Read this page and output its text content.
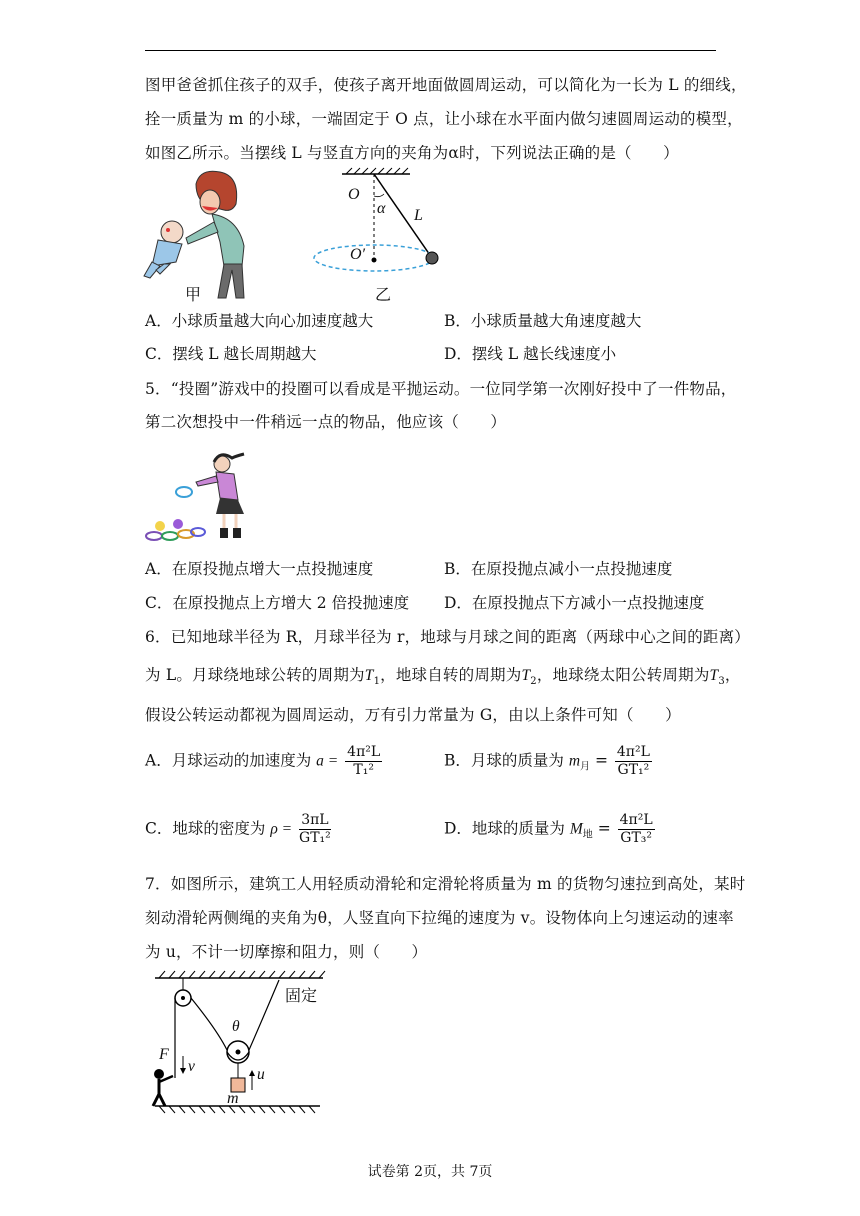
图甲爸爸抓住孩子的双手，使孩子离开地面做圆周运动，可以简化为一长为 L 的细线，
拴一质量为 m 的小球，一端固定于 O 点，让小球在水平面内做匀速圆周运动的模型，
如图乙所示。当摆线 L 与竖直方向的夹角为α时，下列说法正确的是（　　）
甲
O
α L
O′
乙
A．小球质量越大向心加速度越大	B．小球质量越大角速度越大
C．摆线 L 越长周期越大	D．摆线 L 越长线速度小
5．“投圈”游戏中的投圈可以看成是平抛运动。一位同学第一次刚好投中了一件物品，
第二次想投中一件稍远一点的物品，他应该（　　）
A．在原投抛点增大一点投抛速度	B．在原投抛点减小一点投抛速度
C．在原投抛点上方增大 2 倍投抛速度 D．在原投抛点下方减小一点投抛速度
6．已知地球半径为 R，月球半径为 r，地球与月球之间的距离（两球中心之间的距离）
为 L。月球绕地球公转的周期为$T_1$，地球自转的周期为$T_2$，地球绕太阳公转周期为$T_3$，
假设公转运动都视为圆周运动，万有引力常量为 G，由以上条件可知（　　）
A．月球运动的加速度为 $a = \frac{\text{4π²L}}{\text{T₁²}}$	B．月球的质量为 $m_月 = \frac{\text{4π²L}}{\text{GT₁²}}$
C．地球的密度为 $\rho = \frac{3\pi L}{\text{GT₁²}}$	D．地球的质量为 $M_地 = \frac{\text{4π²L}}{\text{GT₃²}}$
7．如图所示，建筑工人用轻质动滑轮和定滑轮将质量为 m 的货物匀速拉到高处，某时
刻动滑轮两侧绳的夹角为θ，人竖直向下拉绳的速度为 v。设物体向上匀速运动的速率
为 u，不计一切摩擦和阻力，则（　　）
固定
θ
F
v	u
m
试卷第 2页，共 7页
